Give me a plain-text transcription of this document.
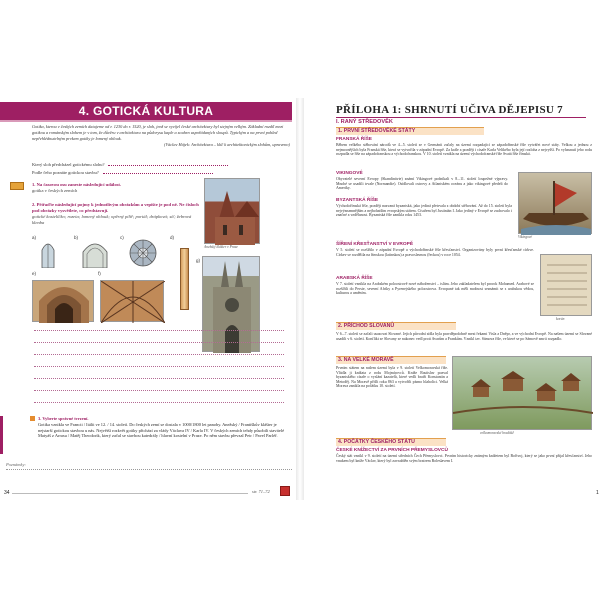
4. GOTICKÁ KULTURA
Gotika, kterou v českých zemích datujeme od r. 1230 do r. 1520, je sloh, jenž se vyvíjel české architektury byl stejným velkým. Základní rozdíl mezi gotikou a románským slohem je v tom, že důvěru v architekturu na půdorysu kaple a souhrn uspořádaných sloupů. Typickým a na první pohled nepřehlédnutelným prvkem gotiky je lomený oblouk.
(Václav Hájek: Architektura – klíč k architektonickým slohům, upraveno)
Který sloh předcházel gotickému slohu?
Podle čeho poznáte gotickou stavbu?
1. Na časovou osu zaneste následující událost.
gotika v českých zemích
2. Přiřaďte následující pojmy k jednotlivým obrázkům a vepište je pod ně. Ne čísloch pod obrázky vysvětlete, co představují.
gotické kostelíčko; rozeta; lomený oblouk; opěrný pilíř; portál; drápková; síť; žebrová klenba
Anežský klášter v Praze
a)	b)	c)	d)
e)	f)
g)
3. Vyberte správné tvrzení.
Gotika vznikla ve Francii / Itálii ve 12. / 14. století. Do českých zemí se dostala v 1000/1800 let panoby. Anežský / Františkův klášter je nejstarší gotickou stavbou u nás. Největší rozkvět gotiky přichází za vlády Václava IV / Karla IV. V českých zemích tehdy působili stavitelé Matyáš z Arrasu / Matěj Theodorik, který začal se stavbou katedrály / hlavní kostelní v Praze. Po něm stavbu převzal Petr / Pavel Parléř.
Poznámky:
34	str. 71–72
PŘÍLOHA 1: SHRNUTÍ UČIVA DĚJEPISU 7
I. RANÝ STŘEDOVĚK
1. PRVNÍ STŘEDOVĚKÉ STÁTY
FRANSKÁ ŘÍŠE
Během velkého stěhování národů ve 4.–5. století se v Germánii začaly na území rozpadající se západořímské říše vytvářet nové státy. Velkou a jednou z nejmocnějších byla Franská říše, která se vytvořila v západní Evropě. Za krále a později i císaře Karla Velikého byla její rozloha z nejvyšší. Po vyhasnutí jeho rodu rozpadla se říše na západofranskou a východofranskou. V 10. století vznikla na území východofranské říše Svatá říše římská.
VIKINGOVÉ
Obyvatelé severní Evropy (Skandinávie) známí Vikingové podnikali v 8.–11. století loupežné výpravy. Mnohé se usadili trvale (Normandie). Osídlovali ostrovy a Atlantském oceánu a jako vikingové předeli do Ameriky.
Vikingové
BYZANTSKÁ ŘÍŠE
Východořímská říše, později nazvaná byzantská, jako jediná přetrvala z období stěhování. Až do 15. století byla nejvýznamnějším a nejbohatším evropským státem. Císařem byl Justinián I. Jako jediný v Evropě se zachovalo i značné a vzdělanost. Byzantská říše zanikla roku 1453.
ŠÍŘENÍ KŘESŤANSTVÍ V EVROPĚ
V 5. století se rozšířilo v západní Evropě a východořímské říše křesťanství. Organizovány byly první křesťanské církve. Církev se rozdělila na římskou (latinskou) a pravoslavnou (řeckou) v roce 1054.
korán
ARABSKÁ ŘÍŠE
V 7. století vznikla na Arabském poloostrově nové náboženství – islám. Jeho zakladatelem byl prorok Mohamed. Arabové se rozšířili do Persie, severní Afriky a Pyrenejského poloostrova. Evropané tak měli možnost seznámit se s arabskou vědou, kulturou a uměním.
2. PŘÍCHOD SLOVANŮ
V 6.–7. století se začali usazovat Slované. Jejich původní sídla byla pravděpodobně mezi řekami Visla a Dněpr, a ve východní Evropě. Na našem území se Slované usadili v 6. století. Konflikt se Slovany se nakonec vedl proti Avarům a Frankům. Vznikl tzv. Sámova říše, ve které se po Sámově smrti rozpadlo.
3. NA VELKÉ MORAVĚ
Prvním státem na našem území byla v 9. století Velkomoravská říše. Vládla ji knížata z rodu Mojmírovců. Kníže Rastislav pozval byzantského císaře o vyslání kazatelů, které vedli bratři Konstantin a Metoděj. Na Moravě přišli roku 863 a vytvořili písmo hlaholici. Velká Morava zanikla na počátku 10. století.
velkomoravské hradiště
4. POČÁTKY ČESKÉHO STÁTU
ČESKÉ KNÍŽECTVÍ ZA PRVNÍCH PŘEMYSLOVCŮ
Český stát vznikl v 9. století na území středních Čech Přemyslovci. Prvním historicky známým knížetem byl Bořivoj, který se jako první přijal křesťanství. Jeho vnukem byl kníže Václav, který byl zavražděn svým bratrem Boleslavem I.
1
